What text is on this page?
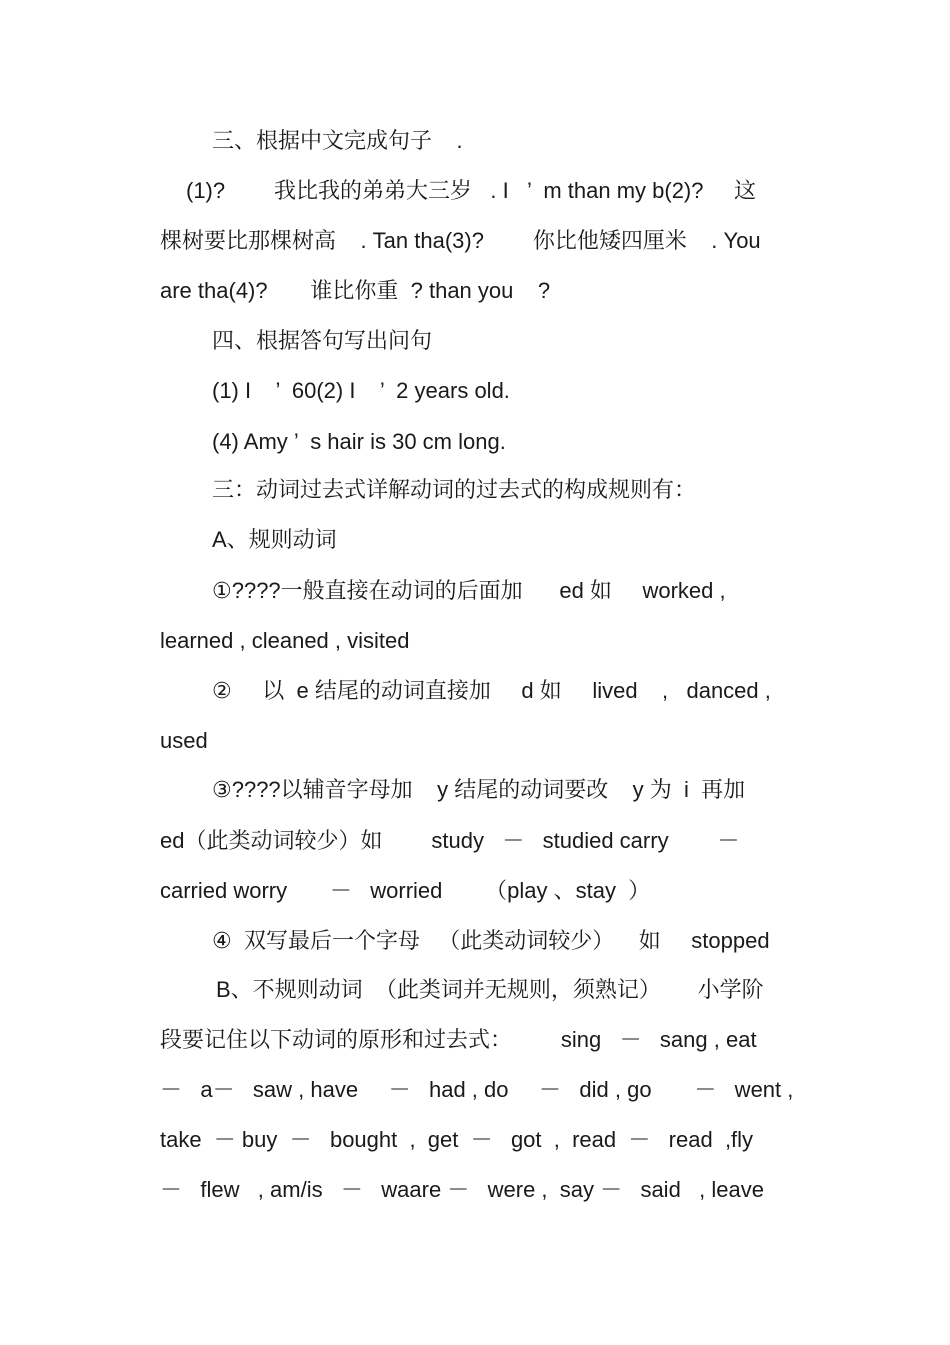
三、根据中文完成句子    .
(1)?        我比我的弟弟大三岁   . I   ’  m than my b(2)?     这
棵树要比那棵树高    . Tan tha(3)?        你比他矮四厘米    . You
are tha(4)?       谁比你重  ? than you    ?
四、根据答句写出问句
(1) I    ’  60(2) I    ’  2 years old.
(4) Amy ’  s hair is 30 cm long.
三：动词过去式详解动词的过去式的构成规则有：
A、规则动词
①????一般直接在动词的后面加      ed 如     worked ,
learned , cleaned , visited
②     以  e 结尾的动词直接加     d 如     lived    ,   danced ,
used
③????以辅音字母加    y 结尾的动词要改    y 为  i  再加
ed（此类动词较少）如        study   －   studied carry        －
carried worry       －   worried       （play 、stay  ）
④  双写最后一个字母   （此类动词较少）    如     stopped
B、不规则动词  （此类词并无规则，须熟记）      小学阶
段要记住以下动词的原形和过去式：        sing   －   sang , eat
－   a－   saw , have     －   had , do     －   did , go       －   went ,
take  － buy  －   bought  ,  get  －   got  ,  read  －   read  ,fly
－   flew   , am/is   －   waare －   were ,  say －   said   , leave
